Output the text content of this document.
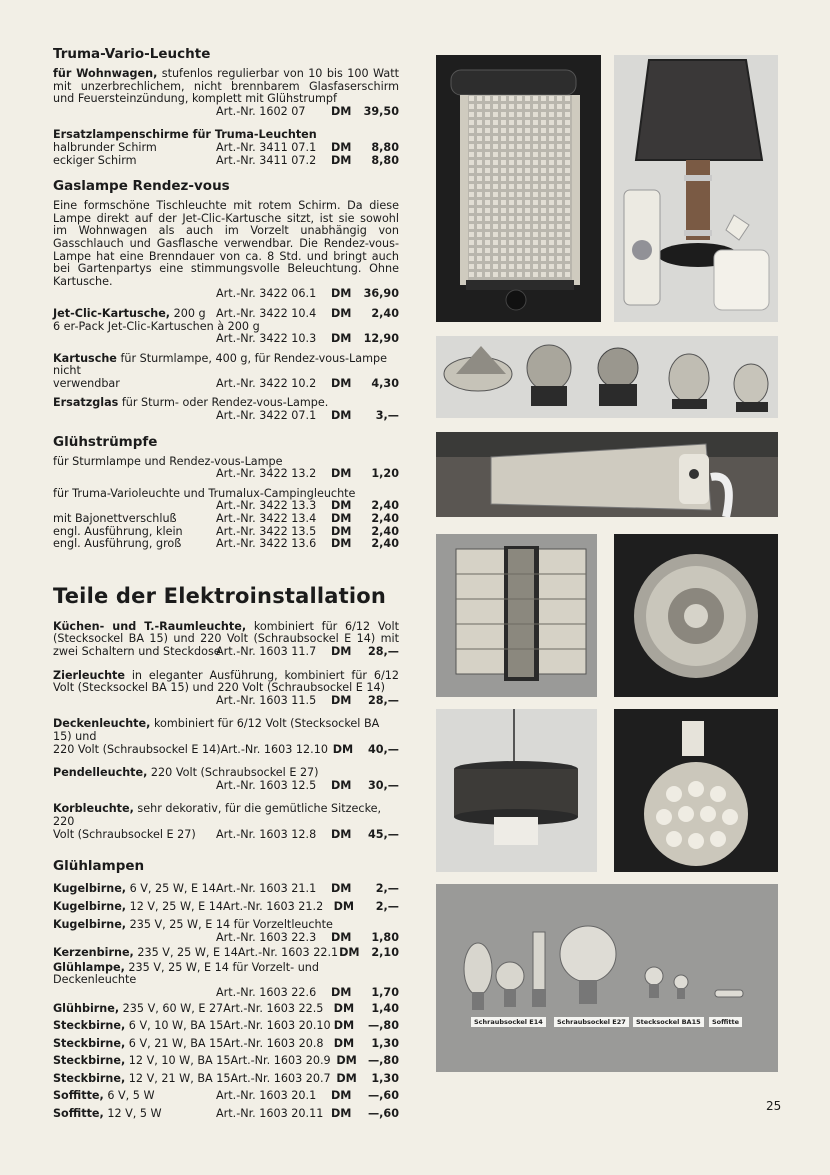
Truma-Vario-Leuchte

für Wohnwagen, stufenlos regulierbar von 10 bis 100 Watt mit unzerbrechlichem, nicht brennbarem Glasfaserschirm und Feuersteinzündung, komplett mit Glühstrumpf

Art.-Nr. 1602 07	DM	39,50
Ersatzlampenschirme für Truma-Leuchten
halbrunder Schirm	Art.-Nr. 3411 07.1	DM	8,80
eckiger Schirm	Art.-Nr. 3411 07.2	DM	8,80
Gaslampe Rendez-vous

Eine formschöne Tischleuchte mit rotem Schirm. Da diese Lampe direkt auf der Jet-Clic-Kartusche sitzt, ist sie sowohl im Wohnwagen als auch im Vorzelt unabhängig von Gasschlauch und Gasflasche verwendbar. Die Rendez-vous-Lampe hat eine Brenndauer von ca. 8 Std. und bringt auch bei Gartenpartys eine stimmungsvolle Beleuchtung. Ohne Kartusche.

Art.-Nr. 3422 06.1	DM	36,90
Jet-Clic-Kartusche, 200 g Art.-Nr. 3422 10.4	DM	2,40
6 er-Pack Jet-Clic-Kartuschen à 200 g
Art.-Nr. 3422 10.3	DM	12,90
Kartusche für Sturmlampe, 400 g, für Rendez-vous-Lampe nicht
verwendbar	Art.-Nr. 3422 10.2	DM	4,30
Ersatzglas für Sturm- oder Rendez-vous-Lampe.
Art.-Nr. 3422 07.1	DM	3,—
Glühstrümpfe
für Sturmlampe und Rendez-vous-Lampe
Art.-Nr. 3422 13.2	DM	1,20
für Truma-Varioleuchte und Trumalux-Campingleuchte
Art.-Nr. 3422 13.3	DM	2,40
mit Bajonettverschluß	Art.-Nr. 3422 13.4	DM	2,40
engl. Ausführung, klein	Art.-Nr. 3422 13.5	DM	2,40
engl. Ausführung, groß	Art.-Nr. 3422 13.6	DM	2,40
Teile der Elektroinstallation

Küchen- und T.-Raumleuchte, kombiniert für 6/12 Volt (Stecksockel BA 15) und 220 Volt (Schraubsockel E 14) mit zwei Schaltern und Steckdose

Art.-Nr. 1603 11.7	DM	28,—

Zierleuchte in eleganter Ausführung, kombiniert für 6/12 Volt (Stecksockel BA 15) und 220 Volt (Schraubsockel E 14)

Art.-Nr. 1603 11.5	DM	28,—
Deckenleuchte, kombiniert für 6/12 Volt (Stecksockel BA 15) und
220 Volt (Schraubsockel E 14) Art.-Nr. 1603 12.10 DM	40,—
Pendelleuchte, 220 Volt (Schraubsockel E 27)
Art.-Nr. 1603 12.5	DM	30,—
Korbleuchte, sehr dekorativ, für die gemütliche Sitzecke, 220
Volt (Schraubsockel E 27)	Art.-Nr. 1603 12.8	DM	45,—
Glühlampen
Kugelbirne, 6 V, 25 W, E 14 Art.-Nr. 1603 21.1	DM	2,—
Kugelbirne, 12 V, 25 W, E 14 Art.-Nr. 1603 21.2 DM	2,—
Kugelbirne, 235 V, 25 W, E 14 für Vorzeltleuchte
Art.-Nr. 1603 22.3	DM	1,80
Kerzenbirne, 235 V, 25 W, E 14 Art.-Nr. 1603 22.1 DM	2,10
Glühlampe, 235 V, 25 W, E 14 für Vorzelt- und Deckenleuchte
Art.-Nr. 1603 22.6	DM	1,70
Glühbirne, 235 V, 60 W, E 27 Art.-Nr. 1603 22.5 DM	1,40
Steckbirne, 6 V, 10 W, BA 15 Art.-Nr. 1603 20.10 DM	—,80
Steckbirne, 6 V, 21 W, BA 15 Art.-Nr. 1603 20.8 DM	1,30
Steckbirne, 12 V, 10 W, BA 15 Art.-Nr. 1603 20.9 DM —,80
Steckbirne, 12 V, 21 W, BA 15 Art.-Nr. 1603 20.7 DM	1,30
Soffitte, 6 V, 5 W	Art.-Nr. 1603 20.1	DM	—,60
Soffitte, 12 V, 5 W	Art.-Nr. 1603 20.11 DM	—,60
Schraubsockel E14	Schraubsockel E27	Stecksockel BA15	Soffitte
25
